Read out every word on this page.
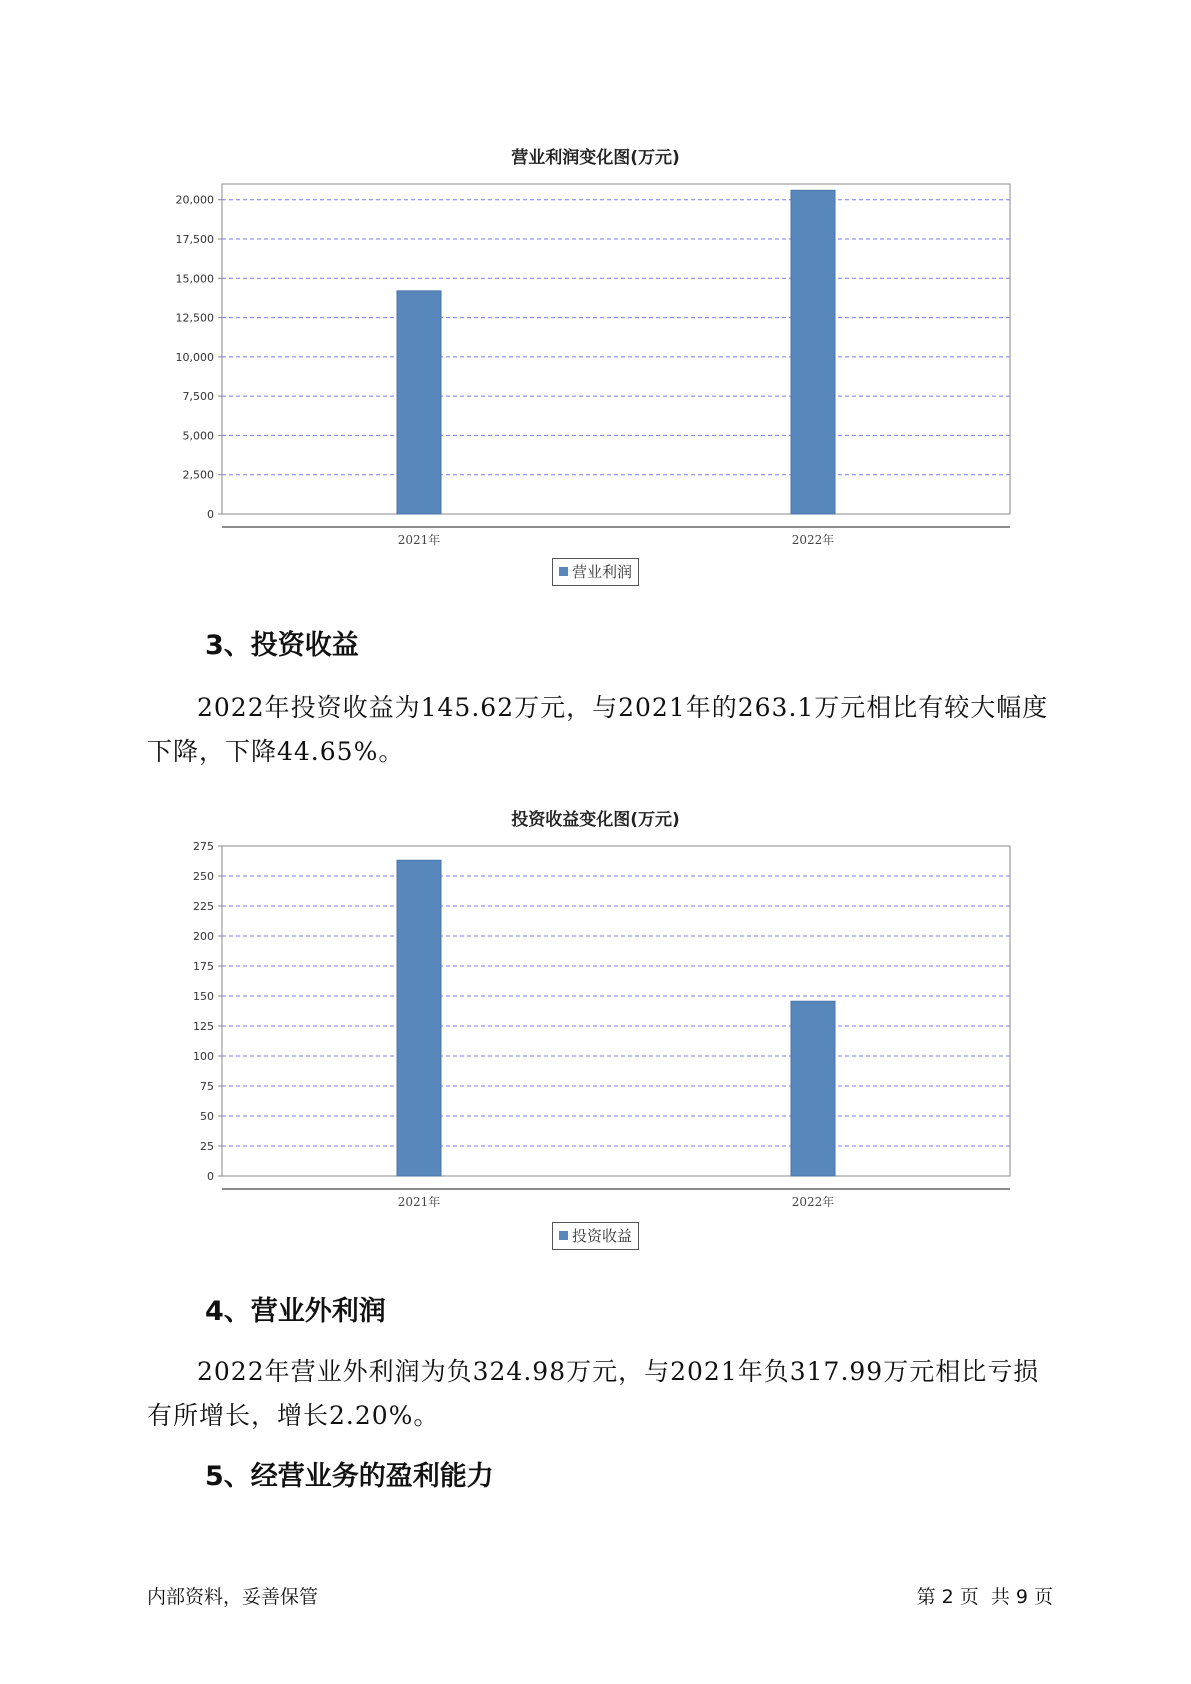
营业利润变化图(万元)
0
2,500
5,000
7,500
10,000
12,500
15,000
17,500
20,000
2021年	2022年
营业利润
3、投资收益
2022年投资收益为145.62万元，与2021年的263.1万元相比有较大幅度下降，下降44.65%。
投资收益变化图(万元)
0
25
50
75
100
125
150
175
200
225
250
275
2021年	2022年
投资收益
4、营业外利润
2022年营业外利润为负324.98万元，与2021年负317.99万元相比亏损有所增长，增长2.20%。
5、经营业务的盈利能力
内部资料，妥善保管	第 2 页  共 9 页
